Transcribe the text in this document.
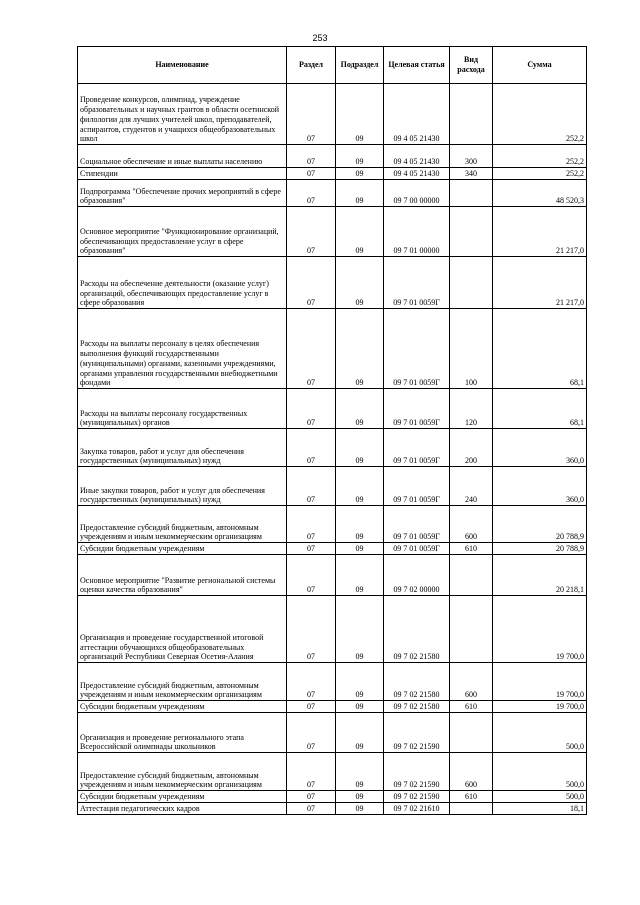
253
Наименование	Раздел	Подраздел	Целевая статья	Вид расхода	Сумма
Проведение конкурсов, олимпиад, учреждение образовательных и научных грантов в области осетинской филологии для лучших учителей школ, преподавателей, аспирантов, студентов и учащихся общеобразовательных школ	07	09	09 4 05 21430		252,2
Социальное обеспечение и иные выплаты населению	07	09	09 4 05 21430	300	252,2
Стипендии	07	09	09 4 05 21430	340	252,2
Подпрограмма "Обеспечение прочих мероприятий в сфере образования"	07	09	09 7 00 00000		48 520,3
Основное мероприятие "Функционирование организаций, обеспечивающих предоставление услуг в сфере образования"	07	09	09 7 01 00000		21 217,0
Расходы на обеспечение деятельности (оказание услуг) организаций, обеспечивающих предоставление услуг в сфере образования	07	09	09 7 01 0059Г		21 217,0
Расходы на выплаты персоналу в целях обеспечения выполнения функций государственными (муниципальными) органами, казенными учреждениями, органами управления государственными внебюджетными фондами	07	09	09 7 01 0059Г	100	68,1
Расходы на выплаты персоналу государственных (муниципальных) органов	07	09	09 7 01 0059Г	120	68,1
Закупка товаров, работ и услуг для обеспечения государственных (муниципальных) нужд	07	09	09 7 01 0059Г	200	360,0
Иные закупки товаров, работ и услуг для обеспечения государственных (муниципальных) нужд	07	09	09 7 01 0059Г	240	360,0
Предоставление субсидий бюджетным, автономным учреждениям и иным некоммерческим организациям	07	09	09 7 01 0059Г	600	20 788,9
Субсидии бюджетным учреждениям	07	09	09 7 01 0059Г	610	20 788,9
Основное мероприятие "Развитие региональной системы оценки качества образования"	07	09	09 7 02 00000		20 218,1
Организация и проведение государственной итоговой аттестации обучающихся общеобразовательных организаций Республики Северная Осетия-Алания	07	09	09 7 02 21580		19 700,0
Предоставление субсидий бюджетным, автономным учреждениям и иным некоммерческим организациям	07	09	09 7 02 21580	600	19 700,0
Субсидии бюджетным учреждениям	07	09	09 7 02 21580	610	19 700,0
Организация и проведение регионального этапа Всероссийской олимпиады школьников	07	09	09 7 02 21590		500,0
Предоставление субсидий бюджетным, автономным учреждениям и иным некоммерческим организациям	07	09	09 7 02 21590	600	500,0
Субсидии бюджетным учреждениям	07	09	09 7 02 21590	610	500,0
Аттестация педагогических кадров	07	09	09 7 02 21610		18,1
